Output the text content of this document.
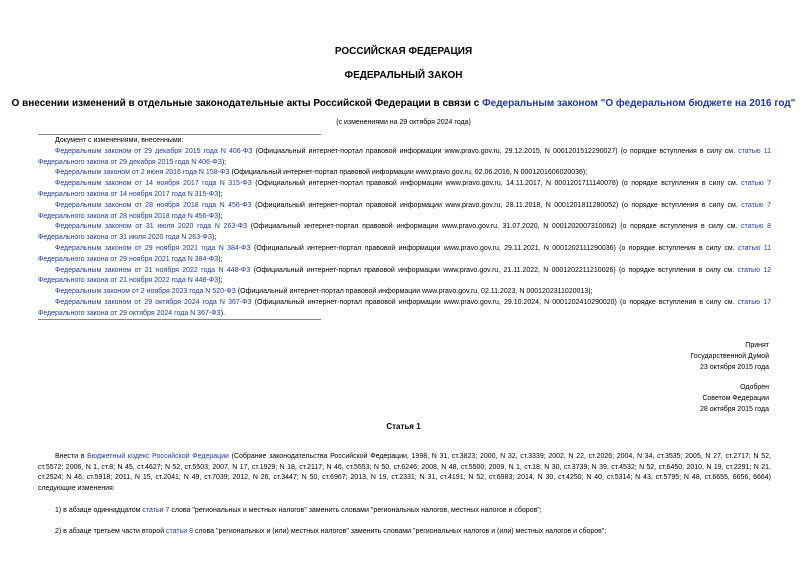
РОССИЙСКАЯ ФЕДЕРАЦИЯ
ФЕДЕРАЛЬНЫЙ ЗАКОН
О внесении изменений в отдельные законодательные акты Российской Федерации в связи с Федеральным законом "О федеральном бюджете на 2016 год"
(с изменениями на 29 октября 2024 года)

Документ с изменениями, внесенными:

Федеральным законом от 29 декабря 2015 года N 406-ФЗ (Официальный интернет-портал правовой информации www.pravo.gov.ru, 29.12.2015, N 0001201512290027) (о порядке вступления в силу см. статью 11 Федерального закона от 29 декабря 2015 года N 406-ФЗ);

Федеральным законом от 2 июня 2016 года N 158-ФЗ (Официальный интернет-портал правовой информации www.pravo.gov.ru, 02.06.2016, N 0001201606020036);

Федеральным законом от 14 ноября 2017 года N 315-ФЗ (Официальный интернет-портал правовой информации www.pravo.gov.ru, 14.11.2017, N 0001201711140078) (о порядке вступления в силу см. статью 7 Федерального закона от 14 ноября 2017 года N 315-ФЗ);

Федеральным законом от 28 ноября 2018 года N 456-ФЗ (Официальный интернет-портал правовой информации www.pravo.gov.ru, 28.11.2018, N 0001201811280052) (о порядке вступления в силу см. статью 7 Федерального закона от 28 ноября 2018 года N 456-ФЗ);

Федеральным законом от 31 июля 2020 года N 263-ФЗ (Официальный интернет-портал правовой информации www.pravo.gov.ru, 31.07.2020, N 0001202007310062) (о порядке вступления в силу см. статью 8 Федерального закона от 31 июля 2020 года N 263-ФЗ);

Федеральным законом от 29 ноября 2021 года N 384-ФЗ (Официальный интернет-портал правовой информации www.pravo.gov.ru, 29.11.2021, N 0001202111290036) (о порядке вступления в силу см. статью 11 Федерального закона от 29 ноября 2021 года N 384-ФЗ);

Федеральным законом от 21 ноября 2022 года N 448-ФЗ (Официальный интернет-портал правовой информации www.pravo.gov.ru, 21.11.2022, N 0001202211210026) (о порядке вступления в силу см. статью 12 Федерального закона от 21 ноября 2022 года N 448-ФЗ);

Федеральным законом от 2 ноября 2023 года N 520-ФЗ (Официальный интернет-портал правовой информации www.pravo.gov.ru, 02.11.2023, N 0001202311020013);

Федеральным законом от 29 октября 2024 года N 367-ФЗ (Официальный интернет-портал правовой информации www.pravo.gov.ru, 29.10.2024, N 0001202410290020) (о порядке вступления в силу см. статью 17 Федерального закона от 29 октября 2024 года N 367-ФЗ).

Принят
Государственной Думой
23 октября 2015 года
Одобрен
Советом Федерации
28 октября 2015 года
Статья 1

Внести в Бюджетный кодекс Российской Федерации (Собрание законодательства Российской Федерации, 1998, N 31, ст.3823; 2000, N 32, ст.3339; 2002, N 22, ст.2026; 2004, N 34, ст.3535; 2005, N 27, ст.2717; N 52, ст.5572; 2006, N 1, ст.8; N 45, ст.4627; N 52, ст.5503; 2007, N 17, ст.1929; N 18, ст.2117; N 46, ст.5553; N 50, ст.6246; 2008, N 48, ст.5500; 2009, N 1, ст.18; N 30, ст.3739; N 39, ст.4532; N 52, ст.6450; 2010, N 19, ст.2291; N 21, ст.2524; N 46, ст.5918; 2011, N 15, ст.2041; N 49, ст.7039; 2012, N 26, ст.3447; N 50, ст.6967; 2013, N 19, ст.2331; N 31, ст.4191; N 52, ст.6983; 2014, N 30, ст.4250; N 40, ст.5314; N 43, ст.5795; N 48, ст.6655, 6656, 6664) следующие изменения:

1) в абзаце одиннадцатом статьи 7 слова "региональных и местных налогов" заменить словами "региональных налогов, местных налогов и сборов";

2) в абзаце третьем части второй статьи 8 слова "региональных и (или) местных налогов" заменить словами "региональных налогов и (или) местных налогов и сборов";
